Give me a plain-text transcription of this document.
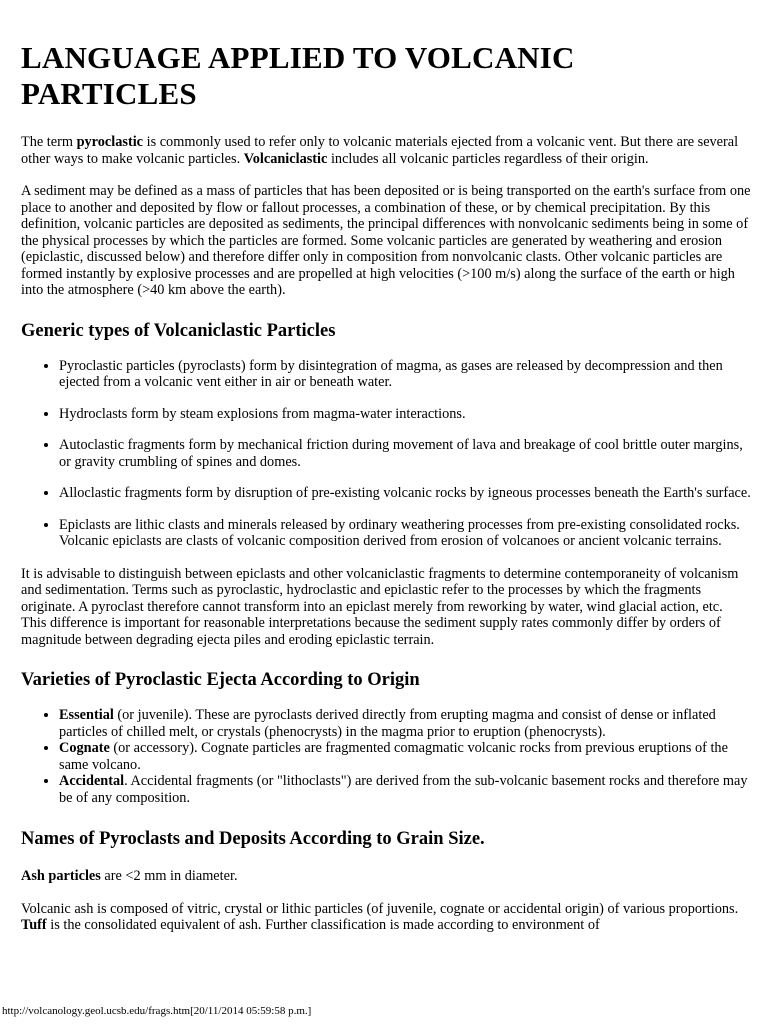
LANGUAGE APPLIED TO VOLCANIC PARTICLES

The term pyroclastic is commonly used to refer only to volcanic materials ejected from a volcanic vent. But there are several other ways to make volcanic particles. Volcaniclastic includes all volcanic particles regardless of their origin.

A sediment may be defined as a mass of particles that has been deposited or is being transported on the earth's surface from one place to another and deposited by flow or fallout processes, a combination of these, or by chemical precipitation. By this definition, volcanic particles are deposited as sediments, the principal differences with nonvolcanic sediments being in some of the physical processes by which the particles are formed. Some volcanic particles are generated by weathering and erosion (epiclastic, discussed below) and therefore differ only in composition from nonvolcanic clasts. Other volcanic particles are formed instantly by explosive processes and are propelled at high velocities (>100 m/s) along the surface of the earth or high into the atmosphere (>40 km above the earth).

Generic types of Volcaniclastic Particles
• Pyroclastic particles (pyroclasts) form by disintegration of magma, as gases are released by decompression and then ejected from a volcanic vent either in air or beneath water.
• Hydroclasts form by steam explosions from magma-water interactions.
• Autoclastic fragments form by mechanical friction during movement of lava and breakage of cool brittle outer margins, or gravity crumbling of spines and domes.
• Alloclastic fragments form by disruption of pre-existing volcanic rocks by igneous processes beneath the Earth's surface.
• Epiclasts are lithic clasts and minerals released by ordinary weathering processes from pre-existing consolidated rocks. Volcanic epiclasts are clasts of volcanic composition derived from erosion of volcanoes or ancient volcanic terrains.

It is advisable to distinguish between epiclasts and other volcaniclastic fragments to determine contemporaneity of volcanism and sedimentation. Terms such as pyroclastic, hydroclastic and epiclastic refer to the processes by which the fragments originate. A pyroclast therefore cannot transform into an epiclast merely from reworking by water, wind glacial action, etc. This difference is important for reasonable interpretations because the sediment supply rates commonly differ by orders of magnitude between degrading ejecta piles and eroding epiclastic terrain.

Varieties of Pyroclastic Ejecta According to Origin
• Essential (or juvenile). These are pyroclasts derived directly from erupting magma and consist of dense or inflated particles of chilled melt, or crystals (phenocrysts) in the magma prior to eruption (phenocrysts).
• Cognate (or accessory). Cognate particles are fragmented comagmatic volcanic rocks from previous eruptions of the same volcano.
• Accidental. Accidental fragments (or "lithoclasts") are derived from the sub-volcanic basement rocks and therefore may be of any composition.
Names of Pyroclasts and Deposits According to Grain Size.

Ash particles are <2 mm in diameter.

Volcanic ash is composed of vitric, crystal or lithic particles (of juvenile, cognate or accidental origin) of various proportions. Tuff is the consolidated equivalent of ash. Further classification is made according to environment of

http://volcanology.geol.ucsb.edu/frags.htm[20/11/2014 05:59:58 p.m.]
